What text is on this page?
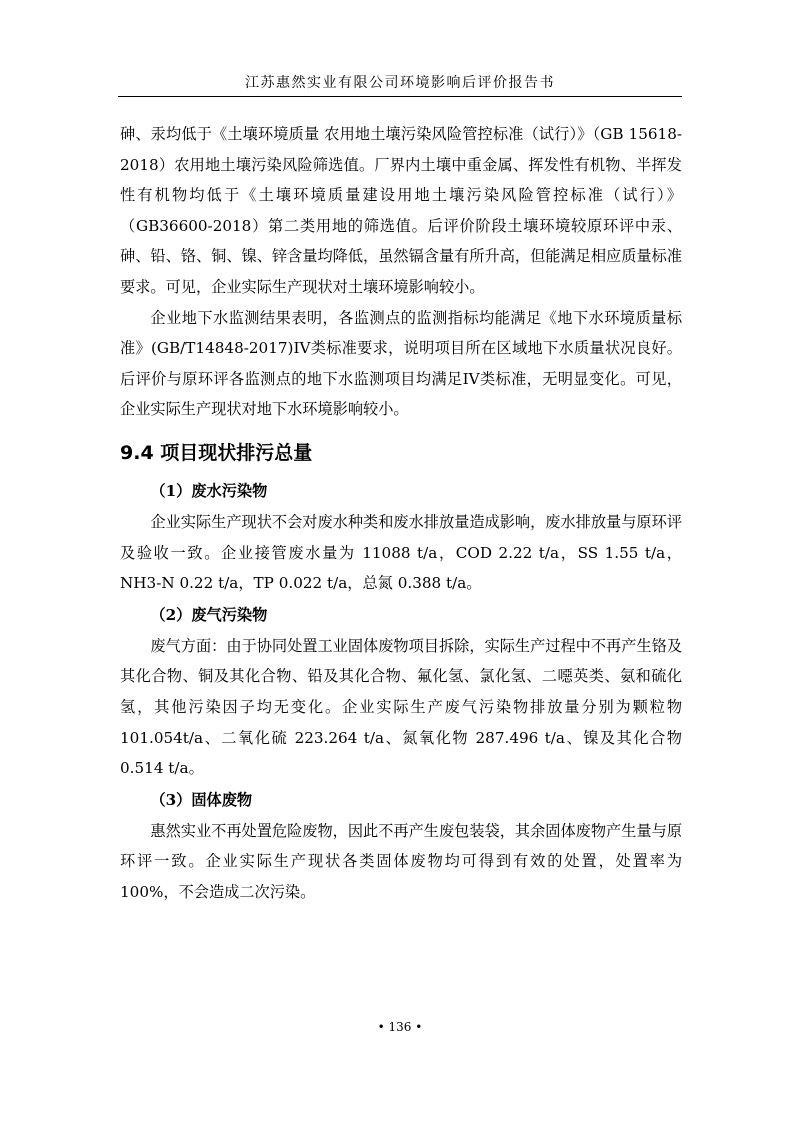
江苏惠然实业有限公司环境影响后评价报告书

砷、汞均低于《土壤环境质量 农用地土壤污染风险管控标准（试行）》（GB 15618-2018）农用地土壤污染风险筛选值。厂界内土壤中重金属、挥发性有机物、半挥发性有机物均低于《土壤环境质量建设用地土壤污染风险管控标准（试行）》（GB36600-2018）第二类用地的筛选值。后评价阶段土壤环境较原环评中汞、砷、铅、铬、铜、镍、锌含量均降低，虽然镉含量有所升高，但能满足相应质量标准要求。可见，企业实际生产现状对土壤环境影响较小。

企业地下水监测结果表明，各监测点的监测指标均能满足《地下水环境质量标准》(GB/T14848-2017)IV类标准要求，说明项目所在区域地下水质量状况良好。后评价与原环评各监测点的地下水监测项目均满足IV类标准，无明显变化。可见，企业实际生产现状对地下水环境影响较小。

9.4 项目现状排污总量
（1）废水污染物

企业实际生产现状不会对废水种类和废水排放量造成影响，废水排放量与原环评及验收一致。企业接管废水量为 11088 t/a，COD 2.22 t/a，SS 1.55 t/a，NH3-N 0.22 t/a，TP 0.022 t/a，总氮 0.388 t/a。

（2）废气污染物

废气方面：由于协同处置工业固体废物项目拆除，实际生产过程中不再产生铬及其化合物、铜及其化合物、铅及其化合物、氟化氢、氯化氢、二噁英类、氨和硫化氢，其他污染因子均无变化。企业实际生产废气污染物排放量分别为颗粒物 101.054t/a、二氧化硫 223.264 t/a、氮氧化物 287.496 t/a、镍及其化合物 0.514 t/a。

（3）固体废物

惠然实业不再处置危险废物，因此不再产生废包装袋，其余固体废物产生量与原环评一致。企业实际生产现状各类固体废物均可得到有效的处置，处置率为 100%，不会造成二次污染。

• 136 •
